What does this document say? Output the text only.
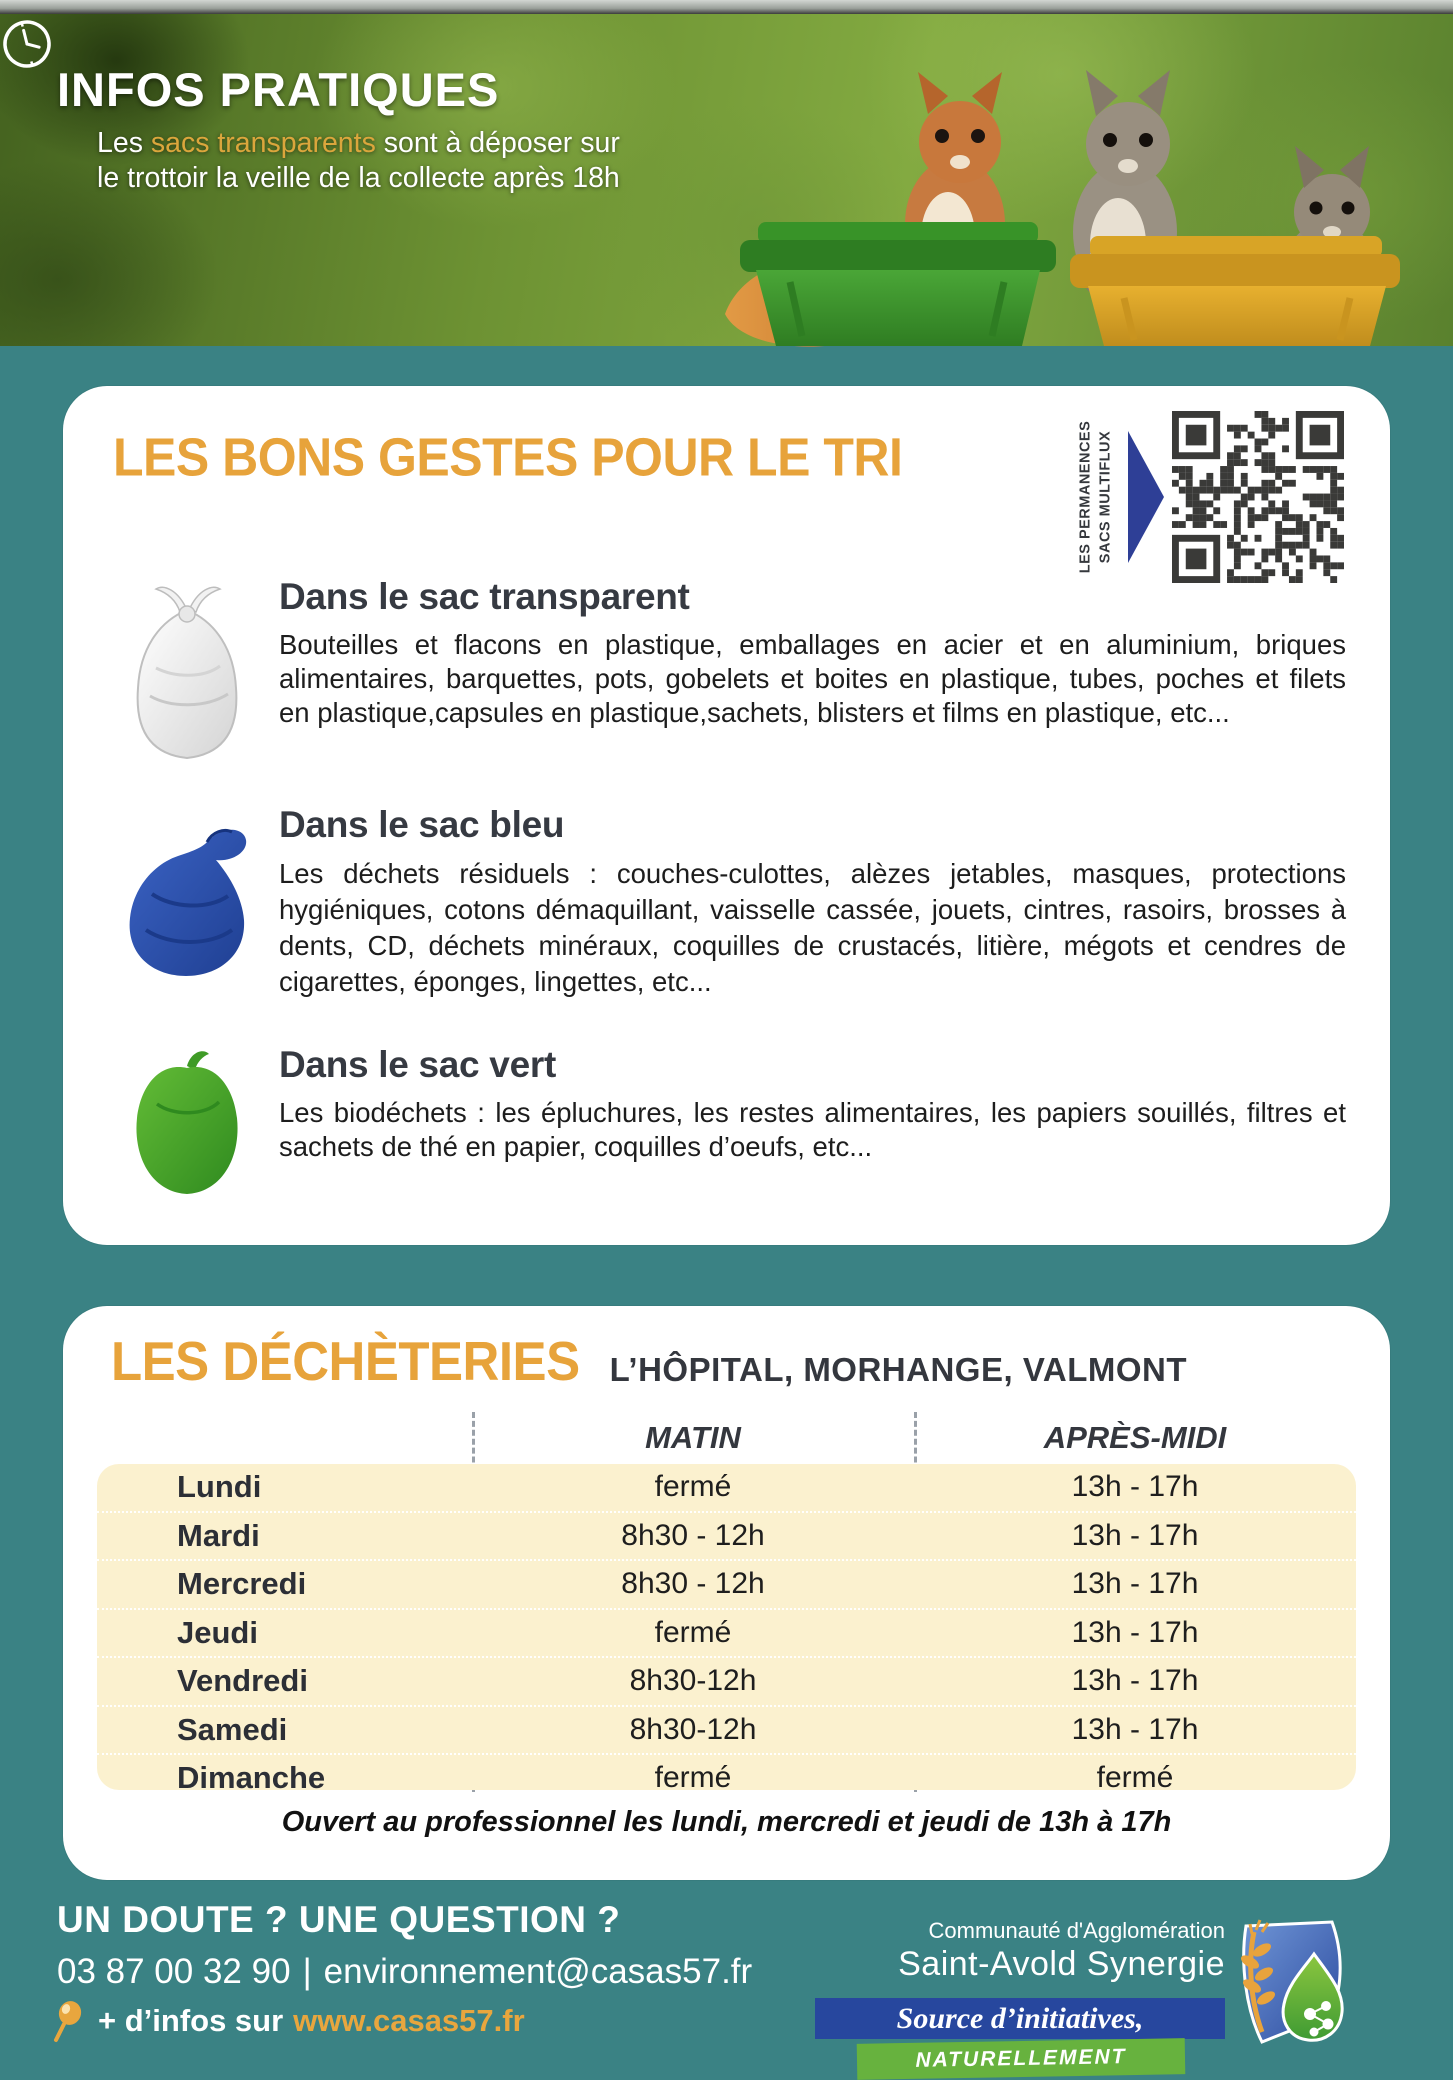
INFOS PRATIQUES
Les sacs transparents sont à déposer sur
le trottoir la veille de la collecte après 18h
LES BONS GESTES POUR LE TRI	LES PERMANENCES SACS MULTIFLUX
Dans le sac transparent
Bouteilles et flacons en plastique, emballages en acier et en aluminium, briques alimentaires, barquettes, pots, gobelets et boites en plastique, tubes, poches et filets en plastique,capsules en plastique,sachets, blisters et films en plastique, etc...
Dans le sac bleu
Les déchets résiduels : couches-culottes, alèzes jetables, masques, protections hygiéniques, cotons démaquillant, vaisselle cassée, jouets, cintres, rasoirs, brosses à dents, CD, déchets minéraux, coquilles de crustacés, litière, mégots et cendres de cigarettes, éponges, lingettes, etc...
Dans le sac vert
Les biodéchets : les épluchures, les restes alimentaires, les papiers souillés, filtres et sachets de thé en papier, coquilles d’oeufs, etc...
LES DÉCHÈTERIES L’HÔPITAL, MORHANGE, VALMONT
MATIN	APRÈS-MIDI
Lundi	fermé	13h - 17h
Mardi	8h30 - 12h	13h - 17h
Mercredi	8h30 - 12h	13h - 17h
Jeudi	fermé	13h - 17h
Vendredi	8h30-12h	13h - 17h
Samedi	8h30-12h	13h - 17h
Dimanche	fermé	fermé
Ouvert au professionnel les lundi, mercredi et jeudi de 13h à 17h
UN DOUTE ? UNE QUESTION ?
03 87 00 32 90 | environnement@casas57.fr
+ d’infos sur www.casas57.fr
Communauté d'Agglomération
Saint-Avold Synergie
Source d’initiatives,
NATURELLEMENT
